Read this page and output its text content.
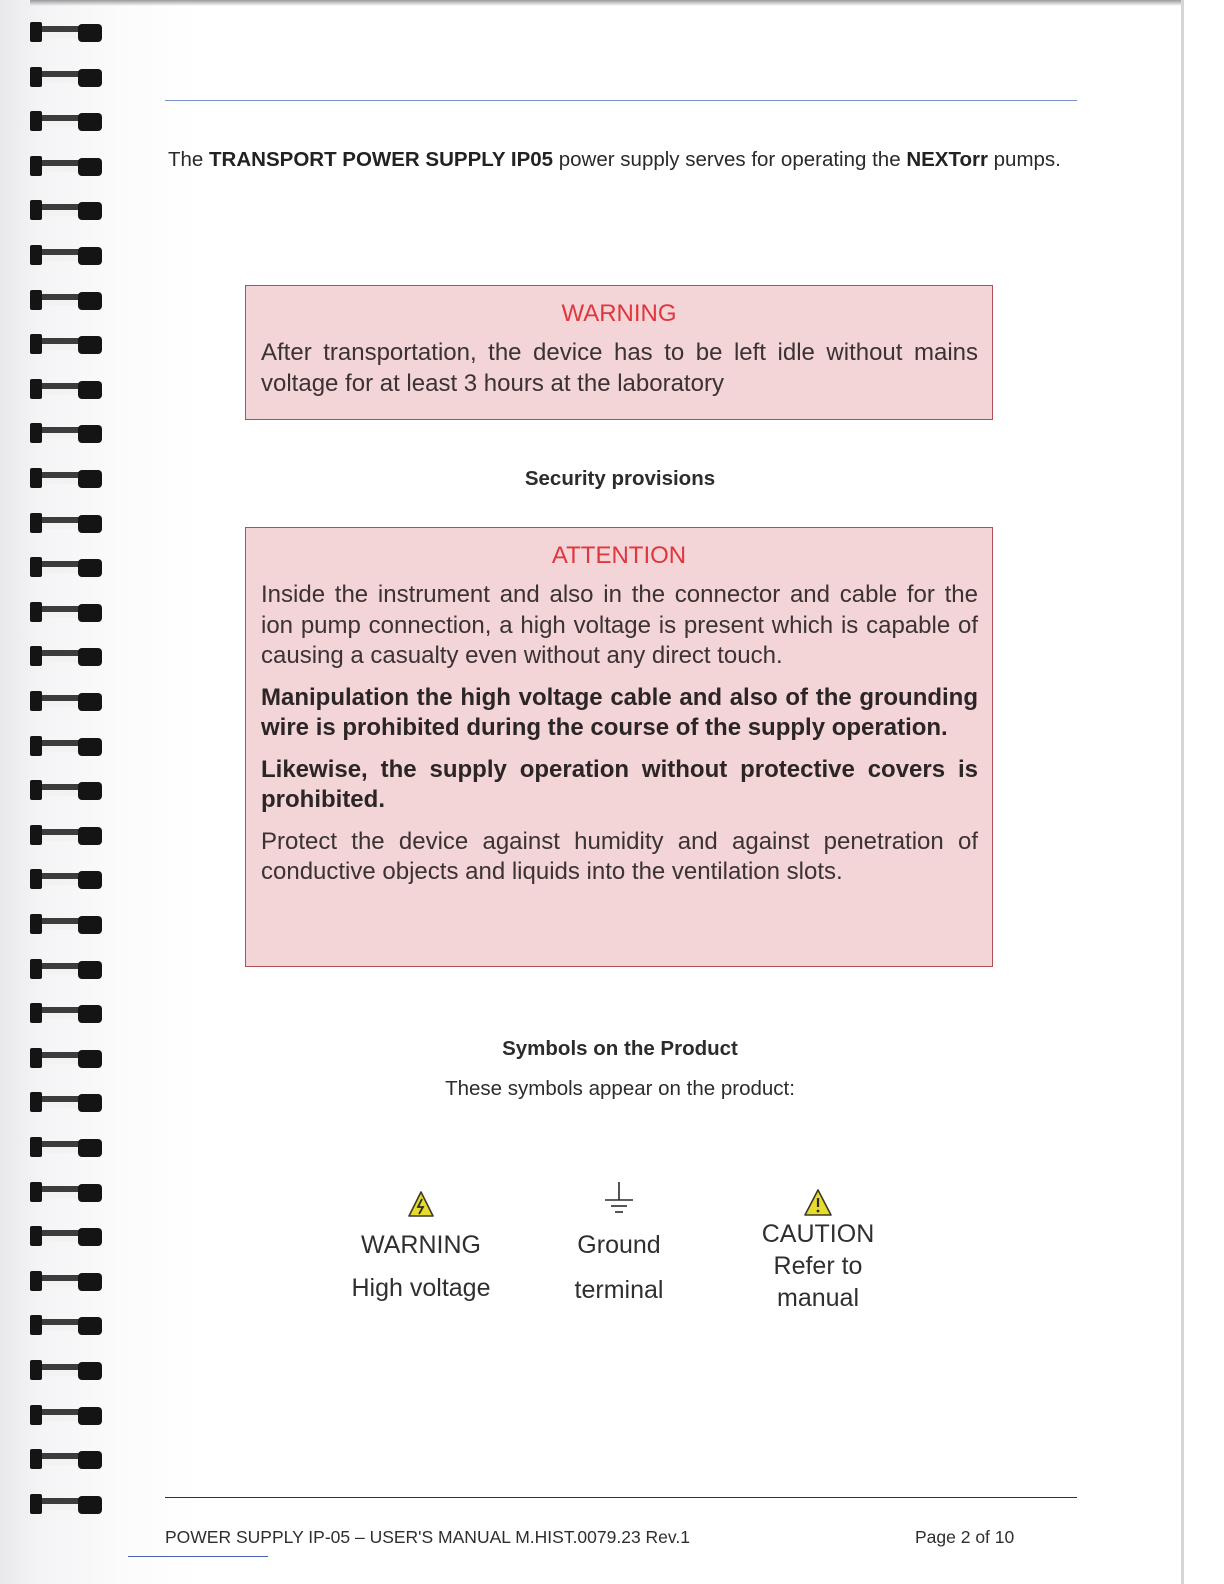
The TRANSPORT POWER SUPPLY IP05 power supply serves for operating the NEXTorr pumps.
WARNING

After transportation, the device has to be left idle without mains voltage for at least 3 hours at the laboratory

Security provisions
ATTENTION

Inside the instrument and also in the connector and cable for the ion pump connection, a high voltage is present which is capable of causing a casualty even without any direct touch.

Manipulation the high voltage cable and also of the grounding wire is prohibited during the course of the supply operation.

Likewise, the supply operation without protective covers is prohibited.

Protect the device against humidity and against penetration of conductive objects and liquids into the ventilation slots.

Symbols on the Product
These symbols appear on the product:
WARNING
High voltage
Ground
terminal
CAUTION
Refer to
manual
POWER SUPPLY IP-05 – USER'S MANUAL M.HIST.0079.23 Rev.1	Page 2 of 10
